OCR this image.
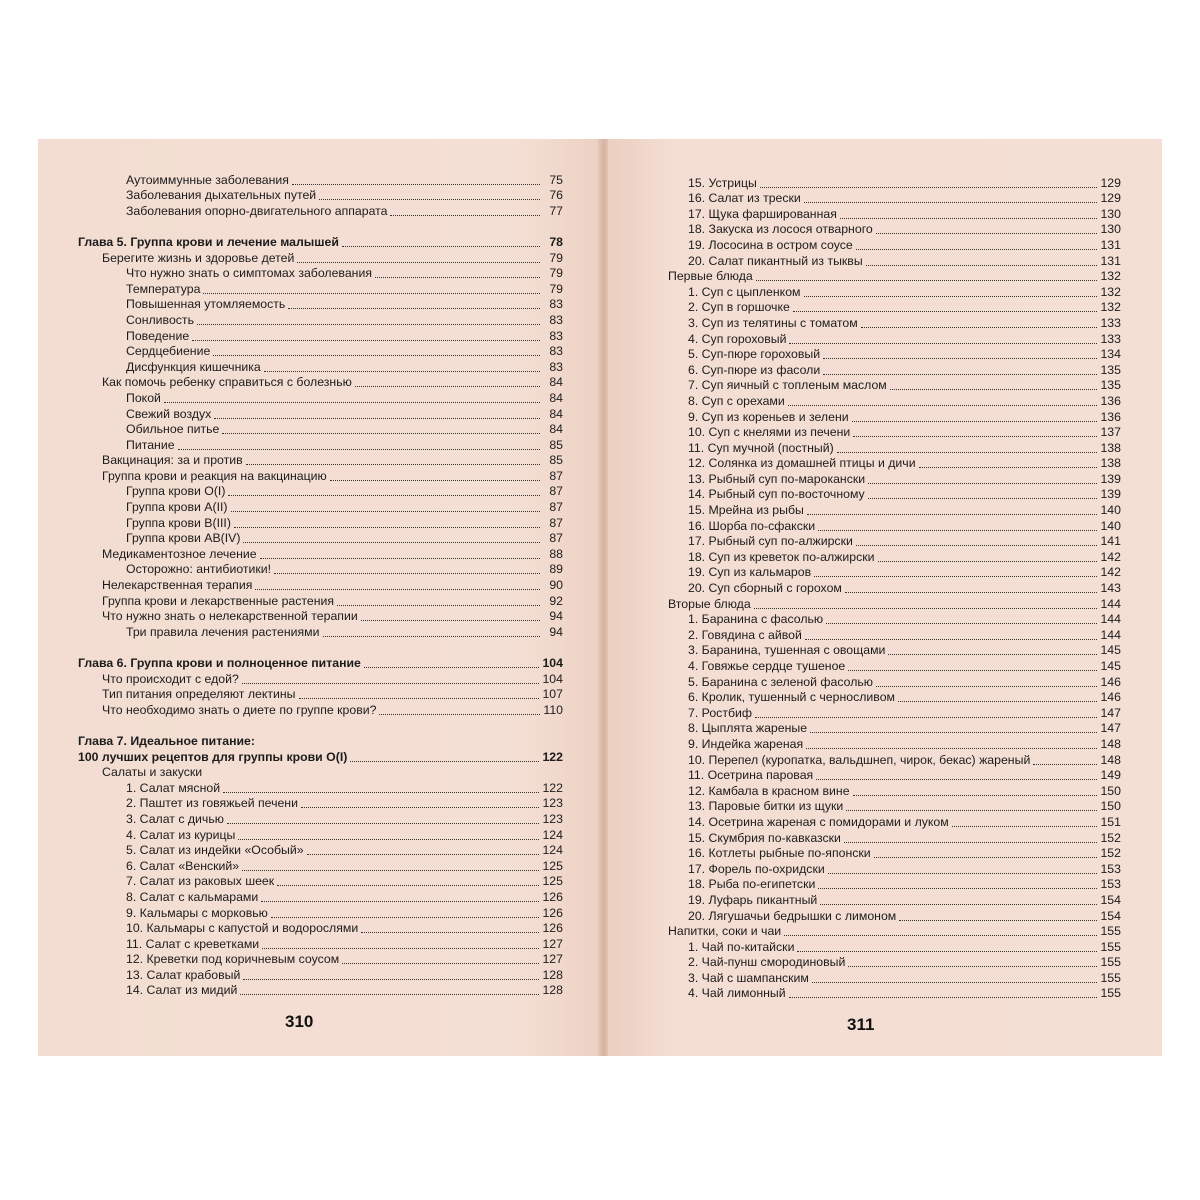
Аутоиммунные заболевания	75
Заболевания дыхательных путей	76
Заболевания опорно-двигательного аппарата	77
Глава 5. Группа крови и лечение малышей	78
Берегите жизнь и здоровье детей	79
Что нужно знать о симптомах заболевания	79
Температура	79
Повышенная утомляемость	83
Сонливость	83
Поведение	83
Сердцебиение	83
Дисфункция кишечника	83
Как помочь ребенку справиться с болезнью	84
Покой	84
Свежий воздух	84
Обильное питье	84
Питание	85
Вакцинация: за и против	85
Группа крови и реакция на вакцинацию	87
Группа крови O(I)	87
Группа крови A(II)	87
Группа крови B(III)	87
Группа крови AB(IV)	87
Медикаментозное лечение	88
Осторожно: антибиотики!	89
Нелекарственная терапия	90
Группа крови и лекарственные растения	92
Что нужно знать о нелекарственной терапии	94
Три правила лечения растениями	94
Глава 6. Группа крови и полноценное питание	104
Что происходит с едой?	104
Тип питания определяют лектины	107
Что необходимо знать о диете по группе крови?	110
Глава 7. Идеальное питание:
100 лучших рецептов для группы крови O(I)	122
Салаты и закуски
1. Салат мясной	122
2. Паштет из говяжьей печени	123
3. Салат с дичью	123
4. Салат из курицы	124
5. Салат из индейки «Особый»	124
6. Салат «Венский»	125
7. Салат из раковых шеек	125
8. Салат с кальмарами	126
9. Кальмары с морковью	126
10. Кальмары с капустой и водорослями	126
11. Салат с креветками	127
12. Креветки под коричневым соусом	127
13. Салат крабовый	128
14. Салат из мидий	128
310
15. Устрицы	129
16. Салат из трески	129
17. Щука фаршированная	130
18. Закуска из лосося отварного	130
19. Лососина в остром соусе	131
20. Салат пикантный из тыквы	131
Первые блюда	132
1. Суп с цыпленком	132
2. Суп в горшочке	132
3. Суп из телятины с томатом	133
4. Суп гороховый	133
5. Суп-пюре гороховый	134
6. Суп-пюре из фасоли	135
7. Суп яичный с топленым маслом	135
8. Суп с орехами	136
9. Суп из кореньев и зелени	136
10. Суп с кнелями из печени	137
11. Суп мучной (постный)	138
12. Солянка из домашней птицы и дичи	138
13. Рыбный суп по-марокански	139
14. Рыбный суп по-восточному	139
15. Мрейна из рыбы	140
16. Шорба по-сфакски	140
17. Рыбный суп по-алжирски	141
18. Суп из креветок по-алжирски	142
19. Суп из кальмаров	142
20. Суп сборный с горохом	143
Вторые блюда	144
1. Баранина с фасолью	144
2. Говядина с айвой	144
3. Баранина, тушенная с овощами	145
4. Говяжье сердце тушеное	145
5. Баранина с зеленой фасолью	146
6. Кролик, тушенный с черносливом	146
7. Ростбиф	147
8. Цыплята жареные	147
9. Индейка жареная	148
10. Перепел (куропатка, вальдшнеп, чирок, бекас) жареный	148
11. Осетрина паровая	149
12. Камбала в красном вине	150
13. Паровые битки из щуки	150
14. Осетрина жареная с помидорами и луком	151
15. Скумбрия по-кавказски	152
16. Котлеты рыбные по-японски	152
17. Форель по-охридски	153
18. Рыба по-египетски	153
19. Луфарь пикантный	154
20. Лягушачьи бедрышки с лимоном	154
Напитки, соки и чаи	155
1. Чай по-китайски	155
2. Чай-пунш смородиновый	155
3. Чай с шампанским	155
4. Чай лимонный	155
311
